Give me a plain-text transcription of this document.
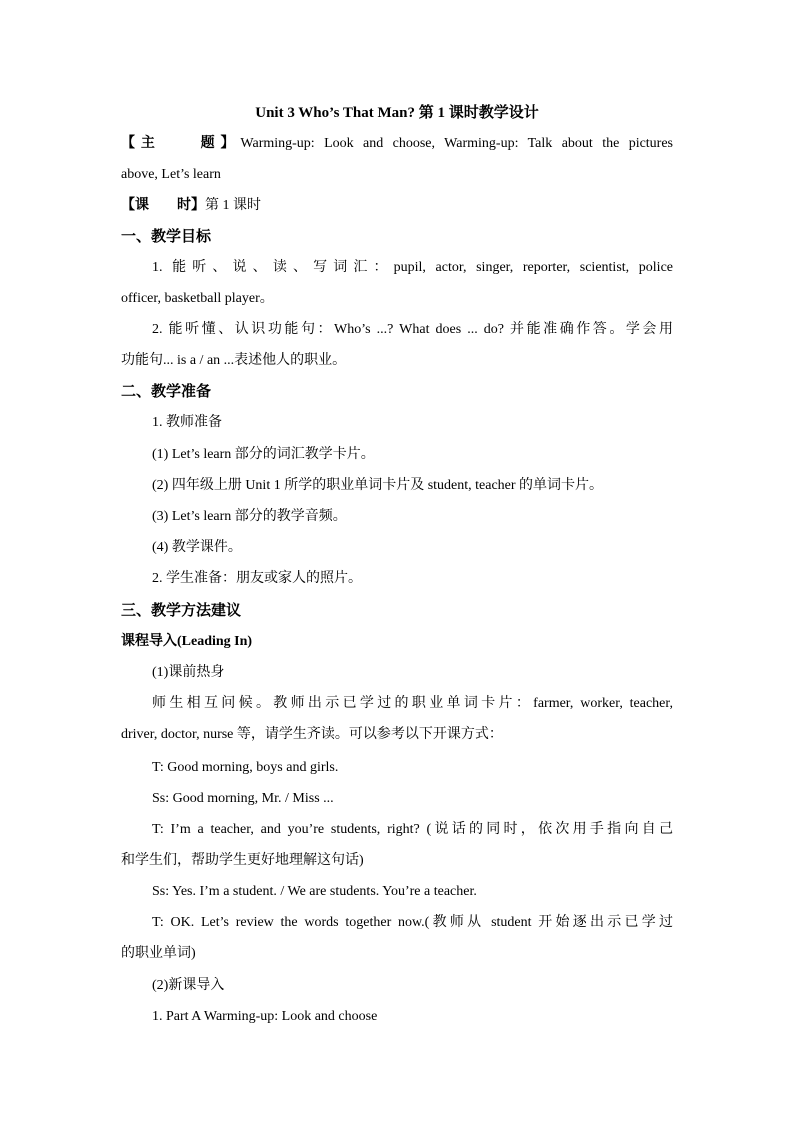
Unit 3 Who’s That Man? 第 1 课时教学设计
【主　　题】Warming-up: Look and choose, Warming-up: Talk about the pictures
above, Let’s learn
【课　　时】第 1 课时
一、教学目标
1. 能听、说、读、写词汇：pupil, actor, singer, reporter, scientist, police
officer, basketball player。
2. 能听懂、认识功能句：Who’s ...? What does ... do? 并能准确作答。学会用
功能句... is a / an ...表述他人的职业。
二、教学准备
1. 教师准备
(1) Let’s learn 部分的词汇教学卡片。
(2) 四年级上册 Unit 1 所学的职业单词卡片及 student, teacher 的单词卡片。
(3) Let’s learn 部分的教学音频。
(4) 教学课件。
2. 学生准备：朋友或家人的照片。
三、教学方法建议
课程导入(Leading In)
(1)课前热身
师生相互问候。教师出示已学过的职业单词卡片：farmer, worker, teacher,
driver, doctor, nurse 等，请学生齐读。可以参考以下开课方式：
T: Good morning, boys and girls.
Ss: Good morning, Mr. / Miss ...
T: I’m a teacher, and you’re students, right? (说话的同时，依次用手指向自己
和学生们，帮助学生更好地理解这句话)
Ss: Yes. I’m a student. / We are students. You’re a teacher.
T: OK. Let’s review the words together now.(教师从 student 开始逐出示已学过
的职业单词)
(2)新课导入
1. Part A Warming-up: Look and choose
